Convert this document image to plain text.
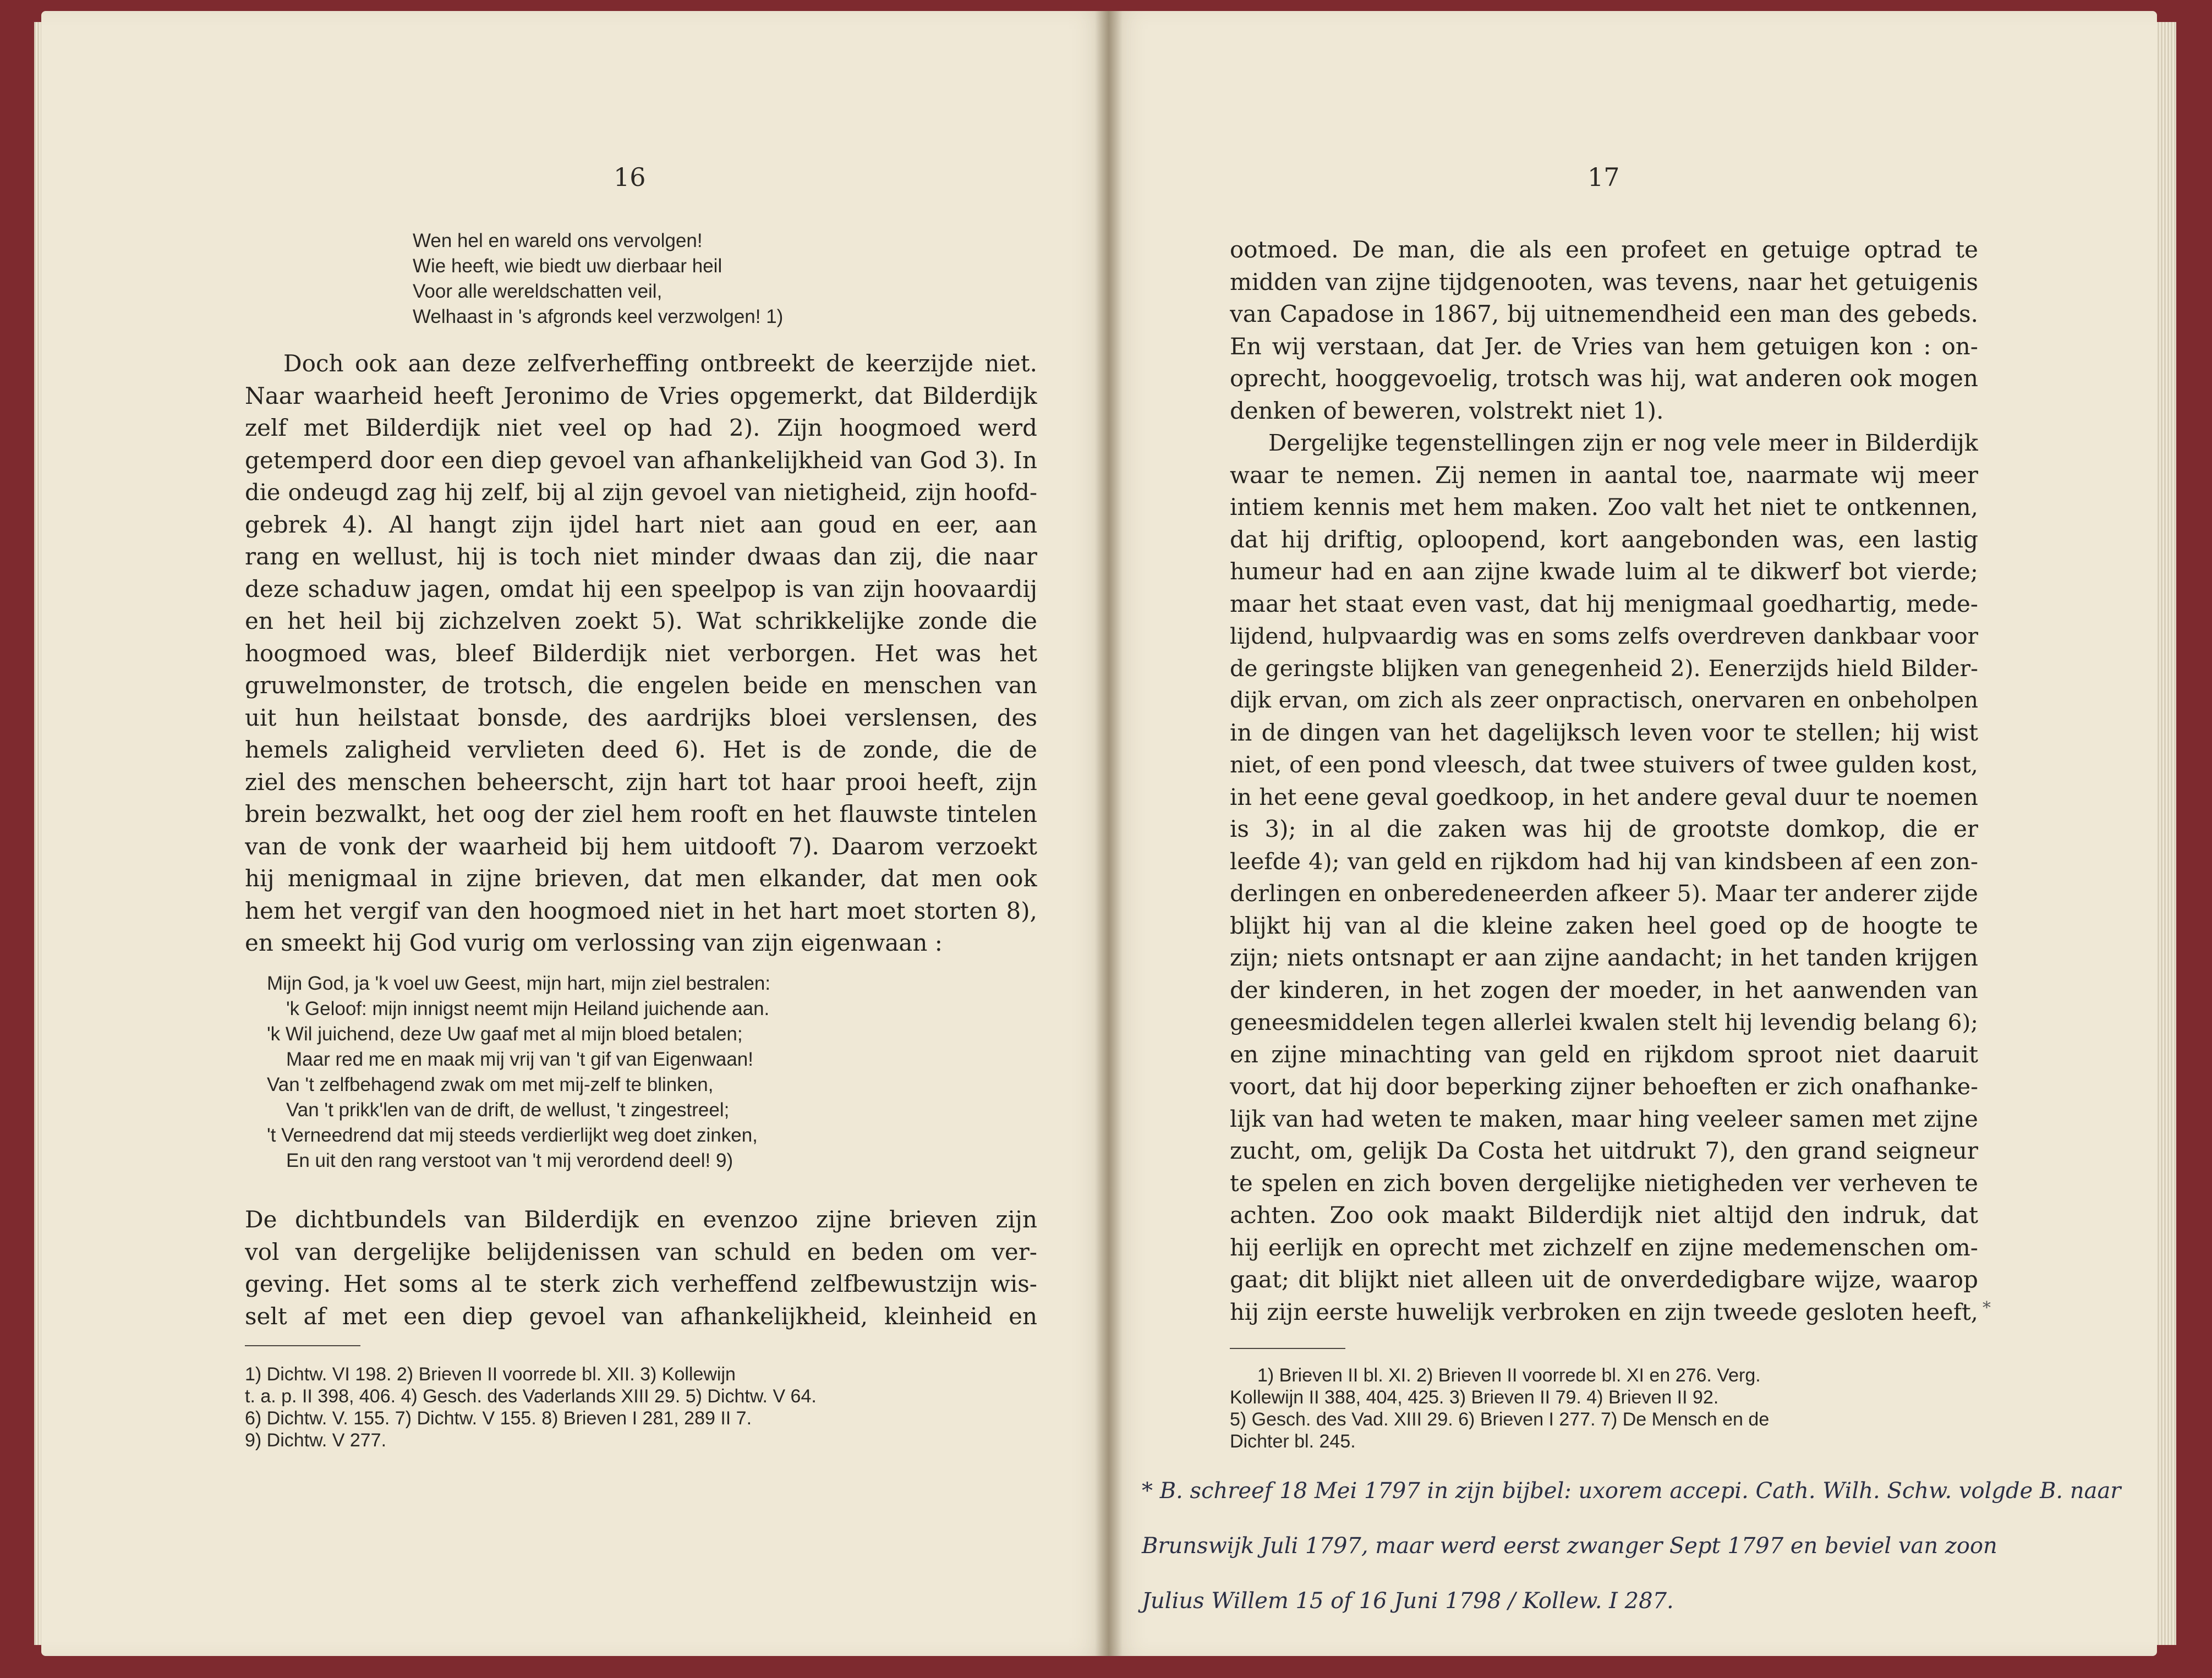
16
Wen hel en wareld ons vervolgen!
Wie heeft, wie biedt uw dierbaar heil
Voor alle wereldschatten veil,
Welhaast in 's afgronds keel verzwolgen! 1)
Doch ook aan deze zelfverheffing ontbreekt de keerzijde niet.
Naar waarheid heeft Jeronimo de Vries opgemerkt, dat Bilderdijk
zelf met Bilderdijk niet veel op had 2). Zijn hoogmoed werd
getemperd door een diep gevoel van afhankelijkheid van God 3). In
die ondeugd zag hij zelf, bij al zijn gevoel van nietigheid, zijn hoofd-
gebrek 4). Al hangt zijn ijdel hart niet aan goud en eer, aan
rang en wellust, hij is toch niet minder dwaas dan zij, die naar
deze schaduw jagen, omdat hij een speelpop is van zijn hoovaardij
en het heil bij zichzelven zoekt 5). Wat schrikkelijke zonde die
hoogmoed was, bleef Bilderdijk niet verborgen. Het was het
gruwelmonster, de trotsch, die engelen beide en menschen van
uit hun heilstaat bonsde, des aardrijks bloei verslensen, des
hemels zaligheid vervlieten deed 6). Het is de zonde, die de
ziel des menschen beheerscht, zijn hart tot haar prooi heeft, zijn
brein bezwalkt, het oog der ziel hem rooft en het flauwste tintelen
van de vonk der waarheid bij hem uitdooft 7). Daarom verzoekt
hij menigmaal in zijne brieven, dat men elkander, dat men ook
hem het vergif van den hoogmoed niet in het hart moet storten 8),
en smeekt hij God vurig om verlossing van zijn eigenwaan :
Mijn God, ja 'k voel uw Geest, mijn hart, mijn ziel bestralen:
'k Geloof: mijn innigst neemt mijn Heiland juichende aan.
'k Wil juichend, deze Uw gaaf met al mijn bloed betalen;
Maar red me en maak mij vrij van 't gif van Eigenwaan!
Van 't zelfbehagend zwak om met mij-zelf te blinken,
Van 't prikk'len van de drift, de wellust, 't zingestreel;
't Verneedrend dat mij steeds verdierlijkt weg doet zinken,
En uit den rang verstoot van 't mij verordend deel! 9)
De dichtbundels van Bilderdijk en evenzoo zijne brieven zijn
vol van dergelijke belijdenissen van schuld en beden om ver-
geving. Het soms al te sterk zich verheffend zelfbewustzijn wis-
selt af met een diep gevoel van afhankelijkheid, kleinheid en
1) Dichtw. VI 198. 2) Brieven II voorrede bl. XII. 3) Kollewijn
t. a. p. II 398, 406. 4) Gesch. des Vaderlands XIII 29. 5) Dichtw. V 64.
6) Dichtw. V. 155. 7) Dichtw. V 155. 8) Brieven I 281, 289 II 7.
9) Dichtw. V 277.
17
ootmoed. De man, die als een profeet en getuige optrad te
midden van zijne tijdgenooten, was tevens, naar het getuigenis
van Capadose in 1867, bij uitnemendheid een man des gebeds.
En wij verstaan, dat Jer. de Vries van hem getuigen kon : on-
oprecht, hooggevoelig, trotsch was hij, wat anderen ook mogen
denken of beweren, volstrekt niet 1).
Dergelijke tegenstellingen zijn er nog vele meer in Bilderdijk
waar te nemen. Zij nemen in aantal toe, naarmate wij meer
intiem kennis met hem maken. Zoo valt het niet te ontkennen,
dat hij driftig, oploopend, kort aangebonden was, een lastig
humeur had en aan zijne kwade luim al te dikwerf bot vierde;
maar het staat even vast, dat hij menigmaal goedhartig, mede-
lijdend, hulpvaardig was en soms zelfs overdreven dankbaar voor
de geringste blijken van genegenheid 2). Eenerzijds hield Bilder-
dijk ervan, om zich als zeer onpractisch, onervaren en onbeholpen
in de dingen van het dagelijksch leven voor te stellen; hij wist
niet, of een pond vleesch, dat twee stuivers of twee gulden kost,
in het eene geval goedkoop, in het andere geval duur te noemen
is 3); in al die zaken was hij de grootste domkop, die er
leefde 4); van geld en rijkdom had hij van kindsbeen af een zon-
derlingen en onberedeneerden afkeer 5). Maar ter anderer zijde
blijkt hij van al die kleine zaken heel goed op de hoogte te
zijn; niets ontsnapt er aan zijne aandacht; in het tanden krijgen
der kinderen, in het zogen der moeder, in het aanwenden van
geneesmiddelen tegen allerlei kwalen stelt hij levendig belang 6);
en zijne minachting van geld en rijkdom sproot niet daaruit
voort, dat hij door beperking zijner behoeften er zich onafhanke-
lijk van had weten te maken, maar hing veeleer samen met zijne
zucht, om, gelijk Da Costa het uitdrukt 7), den grand seigneur
te spelen en zich boven dergelijke nietigheden ver verheven te
achten. Zoo ook maakt Bilderdijk niet altijd den indruk, dat
hij eerlijk en oprecht met zichzelf en zijne medemenschen om-
gaat; dit blijkt niet alleen uit de onverdedigbare wijze, waarop
hij zijn eerste huwelijk verbroken en zijn tweede gesloten heeft, *
1) Brieven II bl. XI. 2) Brieven II voorrede bl. XI en 276. Verg.
Kollewijn II 388, 404, 425. 3) Brieven II 79. 4) Brieven II 92.
5) Gesch. des Vad. XIII 29. 6) Brieven I 277. 7) De Mensch en de
Dichter bl. 245.
* B. schreef 18 Mei 1797 in zijn bijbel: uxorem accepi. Cath. Wilh. Schw. volgde B. naar
Brunswijk Juli 1797, maar werd eerst zwanger Sept 1797 en beviel van zoon
Julius Willem 15 of 16 Juni 1798 / Kollew. I 287.
